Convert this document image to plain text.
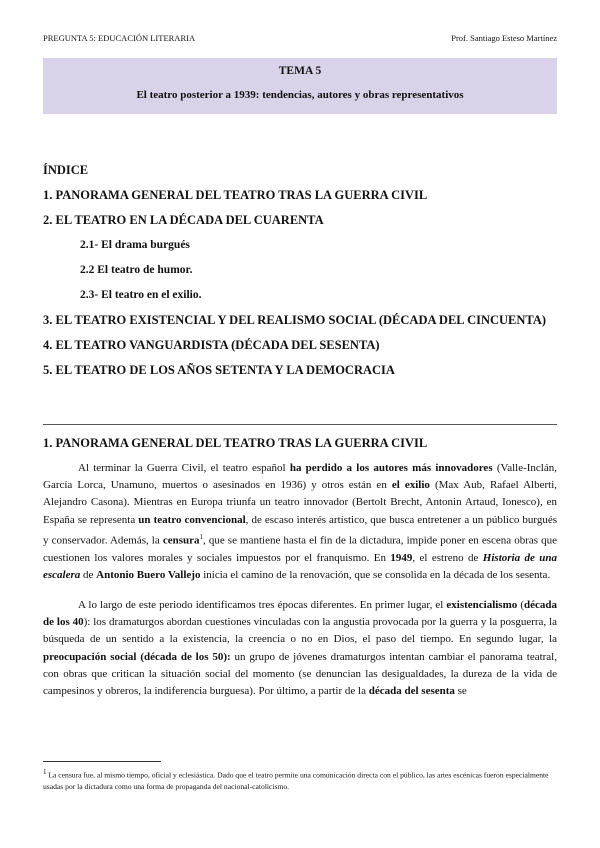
PREGUNTA 5: EDUCACIÓN LITERARIA	Prof. Santiago Esteso Martínez
TEMA 5
El teatro posterior a 1939: tendencias, autores y obras representativos

ÍNDICE

1. PANORAMA GENERAL DEL TEATRO TRAS LA GUERRA CIVIL

2. EL TEATRO EN LA DÉCADA DEL CUARENTA

2.1- El drama burgués

2.2 El teatro de humor.

2.3- El teatro en el exilio.

3. EL TEATRO EXISTENCIAL Y DEL REALISMO SOCIAL (DÉCADA DEL CINCUENTA)

4. EL TEATRO VANGUARDISTA (DÉCADA DEL SESENTA)

5. EL TEATRO DE LOS AÑOS SETENTA Y LA DEMOCRACIA

1. PANORAMA GENERAL DEL TEATRO TRAS LA GUERRA CIVIL

Al terminar la Guerra Civil, el teatro español ha perdido a los autores más innovadores (Valle-Inclán, García Lorca, Unamuno, muertos o asesinados en 1936) y otros están en el exilio (Max Aub, Rafael Alberti, Alejandro Casona). Mientras en Europa triunfa un teatro innovador (Bertolt Brecht, Antonin Artaud, Ionesco), en España se representa un teatro convencional, de escaso interés artístico, que busca entretener a un público burgués y conservador. Además, la censura$^1$, que se mantiene hasta el fin de la dictadura, impide poner en escena obras que cuestionen los valores morales y sociales impuestos por el franquismo. En 1949, el estreno de Historia de una escalera de Antonio Buero Vallejo inicia el camino de la renovación, que se consolida en la década de los sesenta.

A lo largo de este periodo identificamos tres épocas diferentes. En primer lugar, el existencialismo (década de los 40): los dramaturgos abordan cuestiones vinculadas con la angustia provocada por la guerra y la posguerra, la búsqueda de un sentido a la existencia, la creencia o no en Dios, el paso del tiempo. En segundo lugar, la preocupación social (década de los 50): un grupo de jóvenes dramaturgos intentan cambiar el panorama teatral, con obras que critican la situación social del momento (se denuncian las desigualdades, la dureza de la vida de campesinos y obreros, la indiferencia burguesa). Por último, a partir de la década del sesenta se

$^1$ La censura fue, al mismo tiempo, oficial y eclesiástica. Dado que el teatro permite una comunicación directa con el público, las artes escénicas fueron especialmente usadas por la dictadura como una forma de propaganda del nacional-catolicismo.
